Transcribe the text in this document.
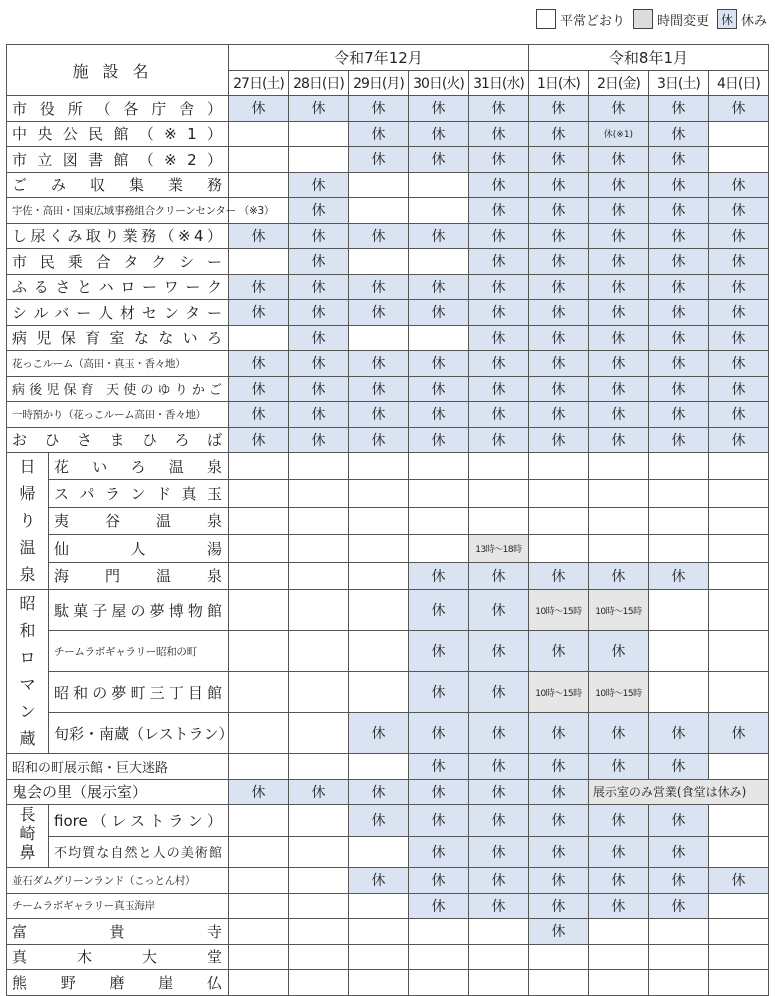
平常どおり 時間変更 休 休み
施設名		令和7年12月					令和8年1月			
		27日(土)	28日(日)	29日(月)	30日(火)	31日(水)	1日(木)	2日(金)	3日(土)	4日(日)
市役所（各庁舎）		休	休	休	休	休	休	休	休	休
中央公民館（※1）				休	休	休	休	休(※1)	休	
市立図書館（※2）				休	休	休	休	休	休	
ごみ収集業務			休			休	休	休	休	休
宇佐・高田・国東広域事務組合クリーンセンター （※3）			休			休	休	休	休	休
し尿くみ取り業務（※4）		休	休	休	休	休	休	休	休	休
市民乗合タクシー			休			休	休	休	休	休
ふるさとハローワーク		休	休	休	休	休	休	休	休	休
シルバー人材センター		休	休	休	休	休	休	休	休	休
病児保育室なないろ			休			休	休	休	休	休
花っこルーム（高田・真玉・香々地）		休	休	休	休	休	休	休	休	休
病後児保育 天使のゆりかご		休	休	休	休	休	休	休	休	休
一時預かり（花っこルーム高田・香々地）		休	休	休	休	休	休	休	休	休
おひさまひろば		休	休	休	休	休	休	休	休	休
日帰り温泉	花いろ温泉									
	スパランド真玉									
	夷谷温泉									
	仙人湯					13時～18時				
	海門温泉				休	休	休	休	休	
昭和ロマン蔵	駄菓子屋の夢博物館				休	休	10時～15時	10時～15時		
	チームラボギャラリー昭和の町				休	休	休	休		
	昭和の夢町三丁目館				休	休	10時～15時	10時～15時		
	旬彩・南蔵（レストラン）			休	休	休	休	休	休	休
昭和の町展示館・巨大迷路					休	休	休	休	休	
鬼会の里（展示室）		休	休	休	休	休	休	展示室のみ営業(食堂は休み)		
長崎鼻	fiore（レストラン）			休	休	休	休	休	休	
	不均質な自然と人の美術館				休	休	休	休	休	
並石ダムグリーンランド（こっとん村）				休	休	休	休	休	休	休
チームラボギャラリー真玉海岸					休	休	休	休	休	
富貴寺							休			
真木大堂										
熊野磨崖仏										
